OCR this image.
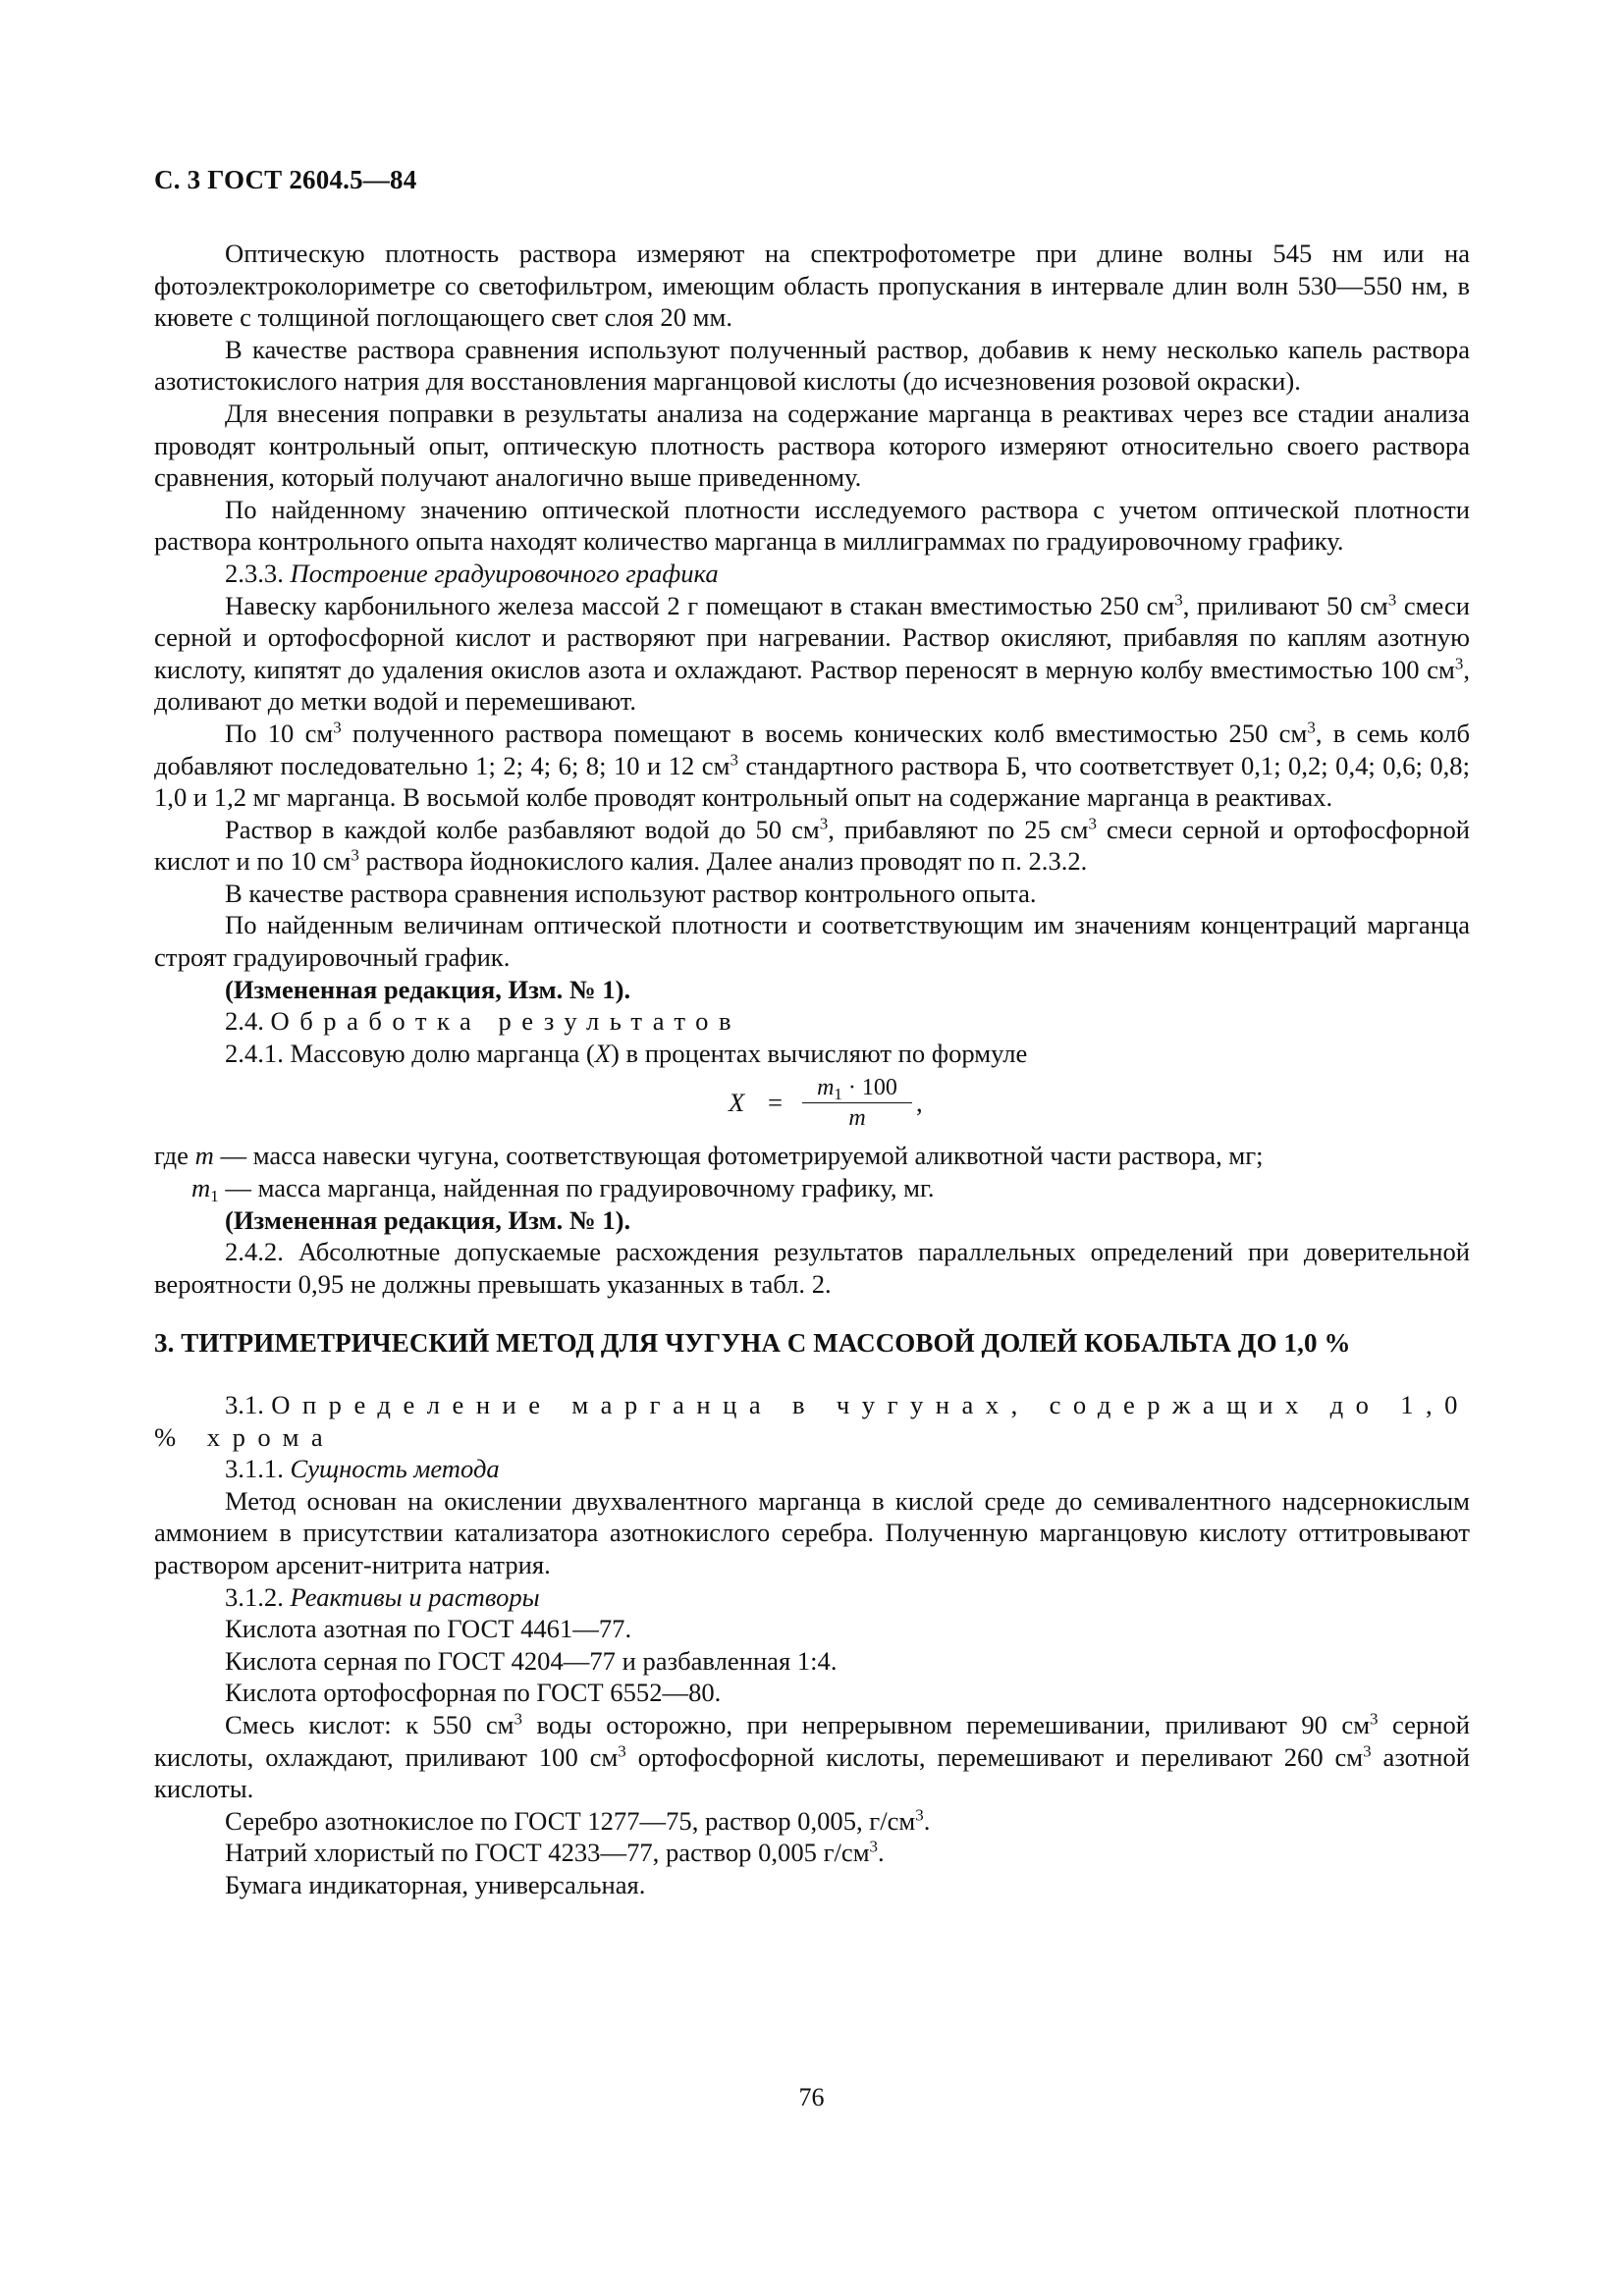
С. 3 ГОСТ 2604.5—84

Оптическую плотность раствора измеряют на спектрофотометре при длине волны 545 нм или на фотоэлектроколориметре со светофильтром, имеющим область пропускания в интервале длин волн 530—550 нм, в кювете с толщиной поглощающего свет слоя 20 мм.

В качестве раствора сравнения используют полученный раствор, добавив к нему несколько капель раствора азотистокислого натрия для восстановления марганцовой кислоты (до исчезновения розовой окраски).

Для внесения поправки в результаты анализа на содержание марганца в реактивах через все стадии анализа проводят контрольный опыт, оптическую плотность раствора которого измеряют относительно своего раствора сравнения, который получают аналогично выше приведенному.

По найденному значению оптической плотности исследуемого раствора с учетом оптической плотности раствора контрольного опыта находят количество марганца в миллиграммах по градуировочному графику.

2.3.3. Построение градуировочного графика

Навеску карбонильного железа массой 2 г помещают в стакан вместимостью 250 $см^3$, приливают 50 $см^3$ смеси серной и ортофосфорной кислот и растворяют при нагревании. Раствор окисляют, прибавляя по каплям азотную кислоту, кипятят до удаления окислов азота и охлаждают. Раствор переносят в мерную колбу вместимостью 100 $см^3$, доливают до метки водой и перемешивают.

По 10 $см^3$ полученного раствора помещают в восемь конических колб вместимостью 250 $см^3$, в семь колб добавляют последовательно 1; 2; 4; 6; 8; 10 и 12 $см^3$ стандартного раствора Б, что соответствует 0,1; 0,2; 0,4; 0,6; 0,8; 1,0 и 1,2 мг марганца. В восьмой колбе проводят контрольный опыт на содержание марганца в реактивах.

Раствор в каждой колбе разбавляют водой до 50 $см^3$, прибавляют по 25 $см^3$ смеси серной и ортофосфорной кислот и по 10 $см^3$ раствора йоднокислого калия. Далее анализ проводят по п. 2.3.2.

В качестве раствора сравнения используют раствор контрольного опыта.

По найденным величинам оптической плотности и соответствующим им значениям концентраций марганца строят градуировочный график.

(Измененная редакция, Изм. № 1).

2.4. Обработка результатов

2.4.1. Массовую долю марганца (X) в процентах вычисляют по формуле

X =	$m_1 \cdot 100$
m
,

где m — масса навески чугуна, соответствующая фотометрируемой аликвотной части раствора, мг;

$m_1$ — масса марганца, найденная по градуировочному графику, мг.

(Измененная редакция, Изм. № 1).

2.4.2. Абсолютные допускаемые расхождения результатов параллельных определений при доверительной вероятности 0,95 не должны превышать указанных в табл. 2.

3. ТИТРИМЕТРИЧЕСКИЙ МЕТОД ДЛЯ ЧУГУНА С МАССОВОЙ ДОЛЕЙ КОБАЛЬТА ДО 1,0 %

3.1. Определение марганца в чугунах, содержащих до 1,0 % хрома

3.1.1. Сущность метода

Метод основан на окислении двухвалентного марганца в кислой среде до семивалентного надсернокислым аммонием в присутствии катализатора азотнокислого серебра. Полученную марганцовую кислоту оттитровывают раствором арсенит-нитрита натрия.

3.1.2. Реактивы и растворы

Кислота азотная по ГОСТ 4461—77.

Кислота серная по ГОСТ 4204—77 и разбавленная 1:4.

Кислота ортофосфорная по ГОСТ 6552—80.

Смесь кислот: к 550 $см^3$ воды осторожно, при непрерывном перемешивании, приливают 90 $см^3$ серной кислоты, охлаждают, приливают 100 $см^3$ ортофосфорной кислоты, перемешивают и переливают 260 $см^3$ азотной кислоты.

Серебро азотнокислое по ГОСТ 1277—75, раствор 0,005, $г/см^3$.

Натрий хлористый по ГОСТ 4233—77, раствор 0,005 $г/см^3$.

Бумага индикаторная, универсальная.

76
